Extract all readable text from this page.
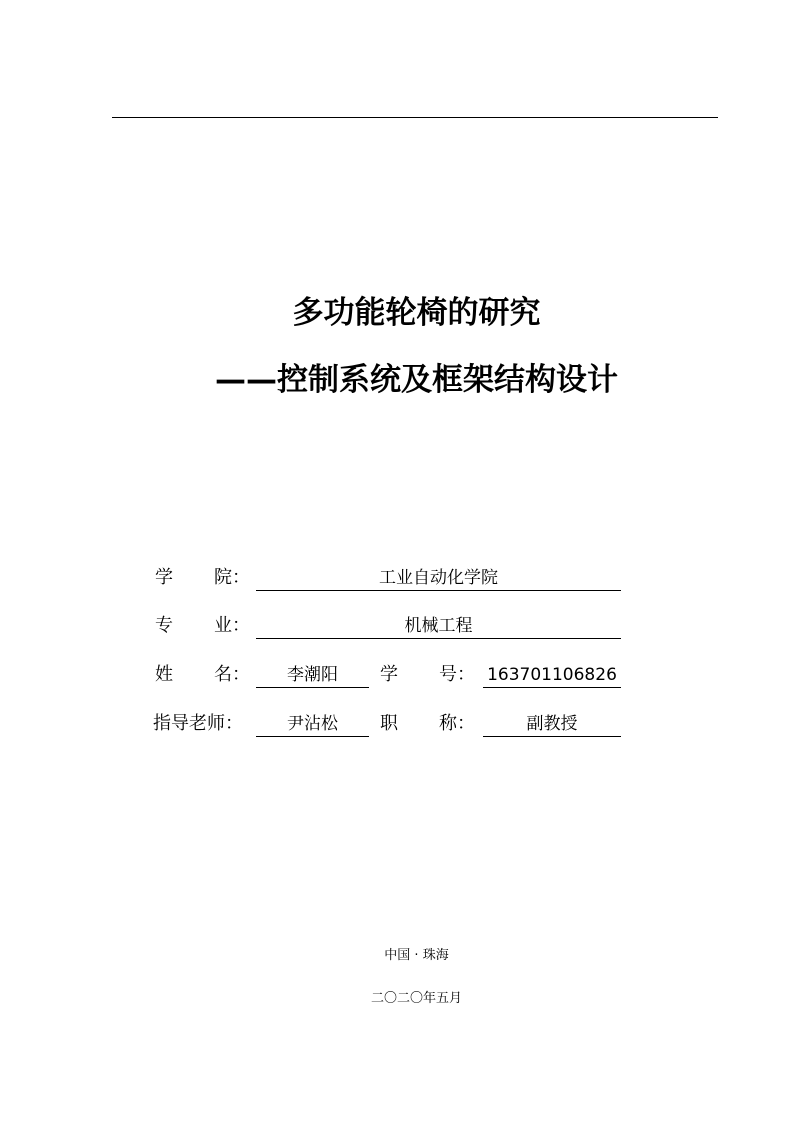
多功能轮椅的研究
——控制系统及框架结构设计
学 院：	工业自动化学院
专 业：	机械工程
姓 名：	李潮阳	学 号： 163701106826
指导老师：	尹沾松	职 称：	副教授
中国 · 珠海
二〇二〇年五月
